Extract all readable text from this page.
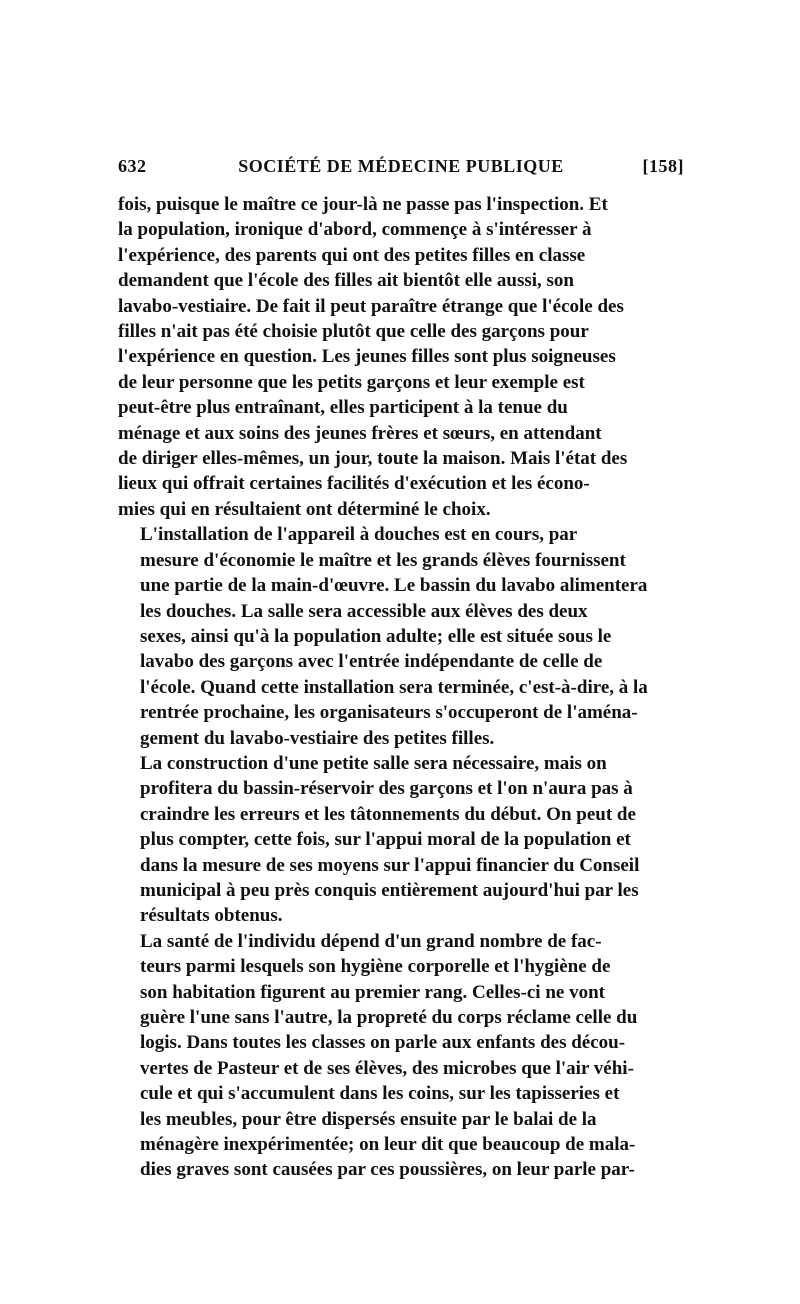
632	SOCIÉTÉ DE MÉDECINE PUBLIQUE	[158]

fois, puisque le maître ce jour-là ne passe pas l'inspection. Et
la population, ironique d'abord, commençe à s'intéresser à
l'expérience, des parents qui ont des petites filles en classe
demandent que l'école des filles ait bientôt elle aussi, son
lavabo-vestiaire. De fait il peut paraître étrange que l'école des
filles n'ait pas été choisie plutôt que celle des garçons pour
l'expérience en question. Les jeunes filles sont plus soigneuses
de leur personne que les petits garçons et leur exemple est
peut-être plus entraînant, elles participent à la tenue du
ménage et aux soins des jeunes frères et sœurs, en attendant
de diriger elles-mêmes, un jour, toute la maison. Mais l'état des
lieux qui offrait certaines facilités d'exécution et les écono-
mies qui en résultaient ont déterminé le choix.

L'installation de l'appareil à douches est en cours, par
mesure d'économie le maître et les grands élèves fournissent
une partie de la main-d'œuvre. Le bassin du lavabo alimentera
les douches. La salle sera accessible aux élèves des deux
sexes, ainsi qu'à la population adulte; elle est située sous le
lavabo des garçons avec l'entrée indépendante de celle de
l'école. Quand cette installation sera terminée, c'est-à-dire, à la
rentrée prochaine, les organisateurs s'occuperont de l'aména-
gement du lavabo-vestiaire des petites filles.

La construction d'une petite salle sera nécessaire, mais on
profitera du bassin-réservoir des garçons et l'on n'aura pas à
craindre les erreurs et les tâtonnements du début. On peut de
plus compter, cette fois, sur l'appui moral de la population et
dans la mesure de ses moyens sur l'appui financier du Conseil
municipal à peu près conquis entièrement aujourd'hui par les
résultats obtenus.

La santé de l'individu dépend d'un grand nombre de fac-
teurs parmi lesquels son hygiène corporelle et l'hygiène de
son habitation figurent au premier rang. Celles-ci ne vont
guère l'une sans l'autre, la propreté du corps réclame celle du
logis. Dans toutes les classes on parle aux enfants des décou-
vertes de Pasteur et de ses élèves, des microbes que l'air véhi-
cule et qui s'accumulent dans les coins, sur les tapisseries et
les meubles, pour être dispersés ensuite par le balai de la
ménagère inexpérimentée; on leur dit que beaucoup de mala-
dies graves sont causées par ces poussières, on leur parle par-
